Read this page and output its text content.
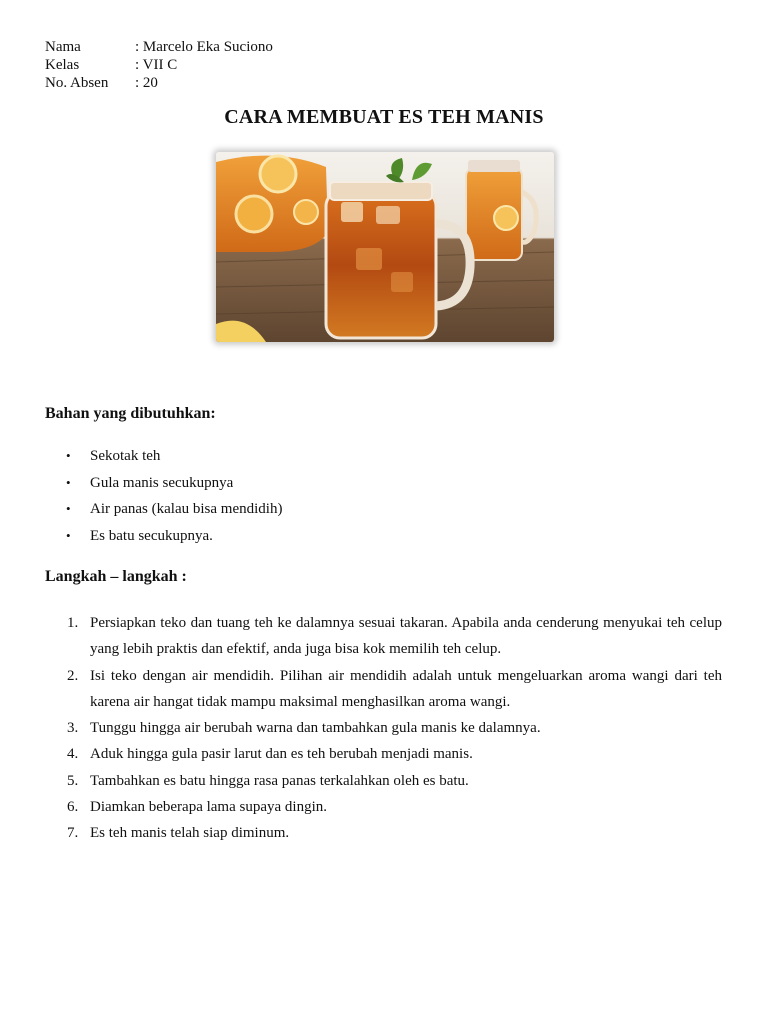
Nama	: Marcelo Eka Suciono
Kelas	: VII C
No. Absen	: 20
CARA MEMBUAT ES TEH MANIS
Bahan yang dibutuhkan:
• Sekotak teh
• Gula manis secukupnya
• Air panas (kalau bisa mendidih)
• Es batu secukupnya.
Langkah – langkah :
1. Persiapkan teko dan tuang teh ke dalamnya sesuai takaran. Apabila anda cenderung menyukai teh celup yang lebih praktis dan efektif, anda juga bisa kok memilih teh celup.
2. Isi teko dengan air mendidih. Pilihan air mendidih adalah untuk mengeluarkan aroma wangi dari teh karena air hangat tidak mampu maksimal menghasilkan aroma wangi.
3. Tunggu hingga air berubah warna dan tambahkan gula manis ke dalamnya.
4. Aduk hingga gula pasir larut dan es teh berubah menjadi manis.
5. Tambahkan es batu hingga rasa panas terkalahkan oleh es batu.
6. Diamkan beberapa lama supaya dingin.
7. Es teh manis telah siap diminum.
